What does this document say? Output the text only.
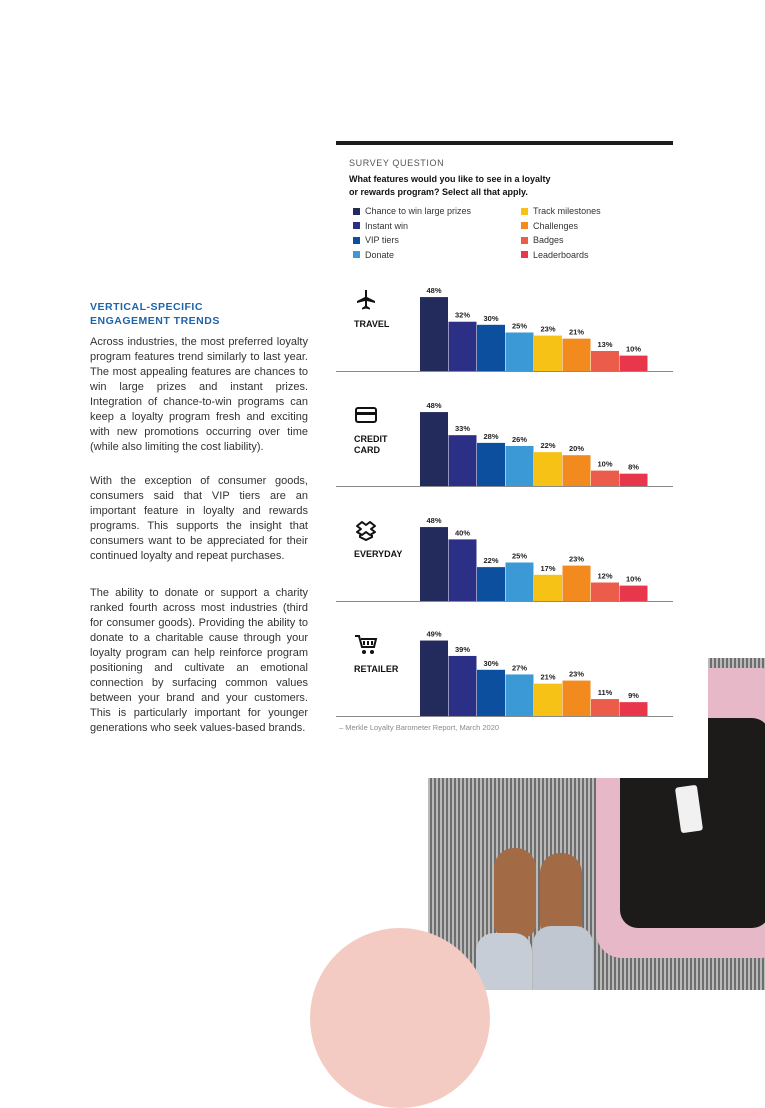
VERTICAL-SPECIFIC
ENGAGEMENT TRENDS

Across industries, the most preferred loyalty program features trend similarly to last year. The most appealing features are chances to win large prizes and instant prizes. Integration of chance-to-win programs can keep a loyalty program fresh and exciting with new promotions occurring over time (while also limiting the cost liability).

With the exception of consumer goods, consumers said that VIP tiers are an important feature in loyalty and rewards programs. This supports the insight that consumers want to be appreciated for their continued loyalty and repeat purchases.

The ability to donate or support a charity ranked fourth across most industries (third for consumer goods). Providing the ability to donate to a charitable cause through your loyalty program can help reinforce program positioning and cultivate an emotional connection by surfacing common values between your brand and your customers. This is particularly important for younger generations who seek values-based brands.

SURVEY QUESTION
What features would you like to see in a loyalty
or rewards program? Select all that apply.
Chance to win large prizes
Instant win
VIP tiers
Donate
Track milestones
Challenges
Badges
Leaderboards
TRAVEL
48%
32% 30%
25% 23% 21%
13%
10%
CREDIT
CARD
48%
33%
28% 26%
22% 20%
10% 8%
EVERYDAY
48%
40%
22%
25%
17%
23%
12% 10%
RETAILER
49%
39%
30%
27%
21% 23%
11% 9%
– Merkle Loyalty Barometer Report, March 2020
